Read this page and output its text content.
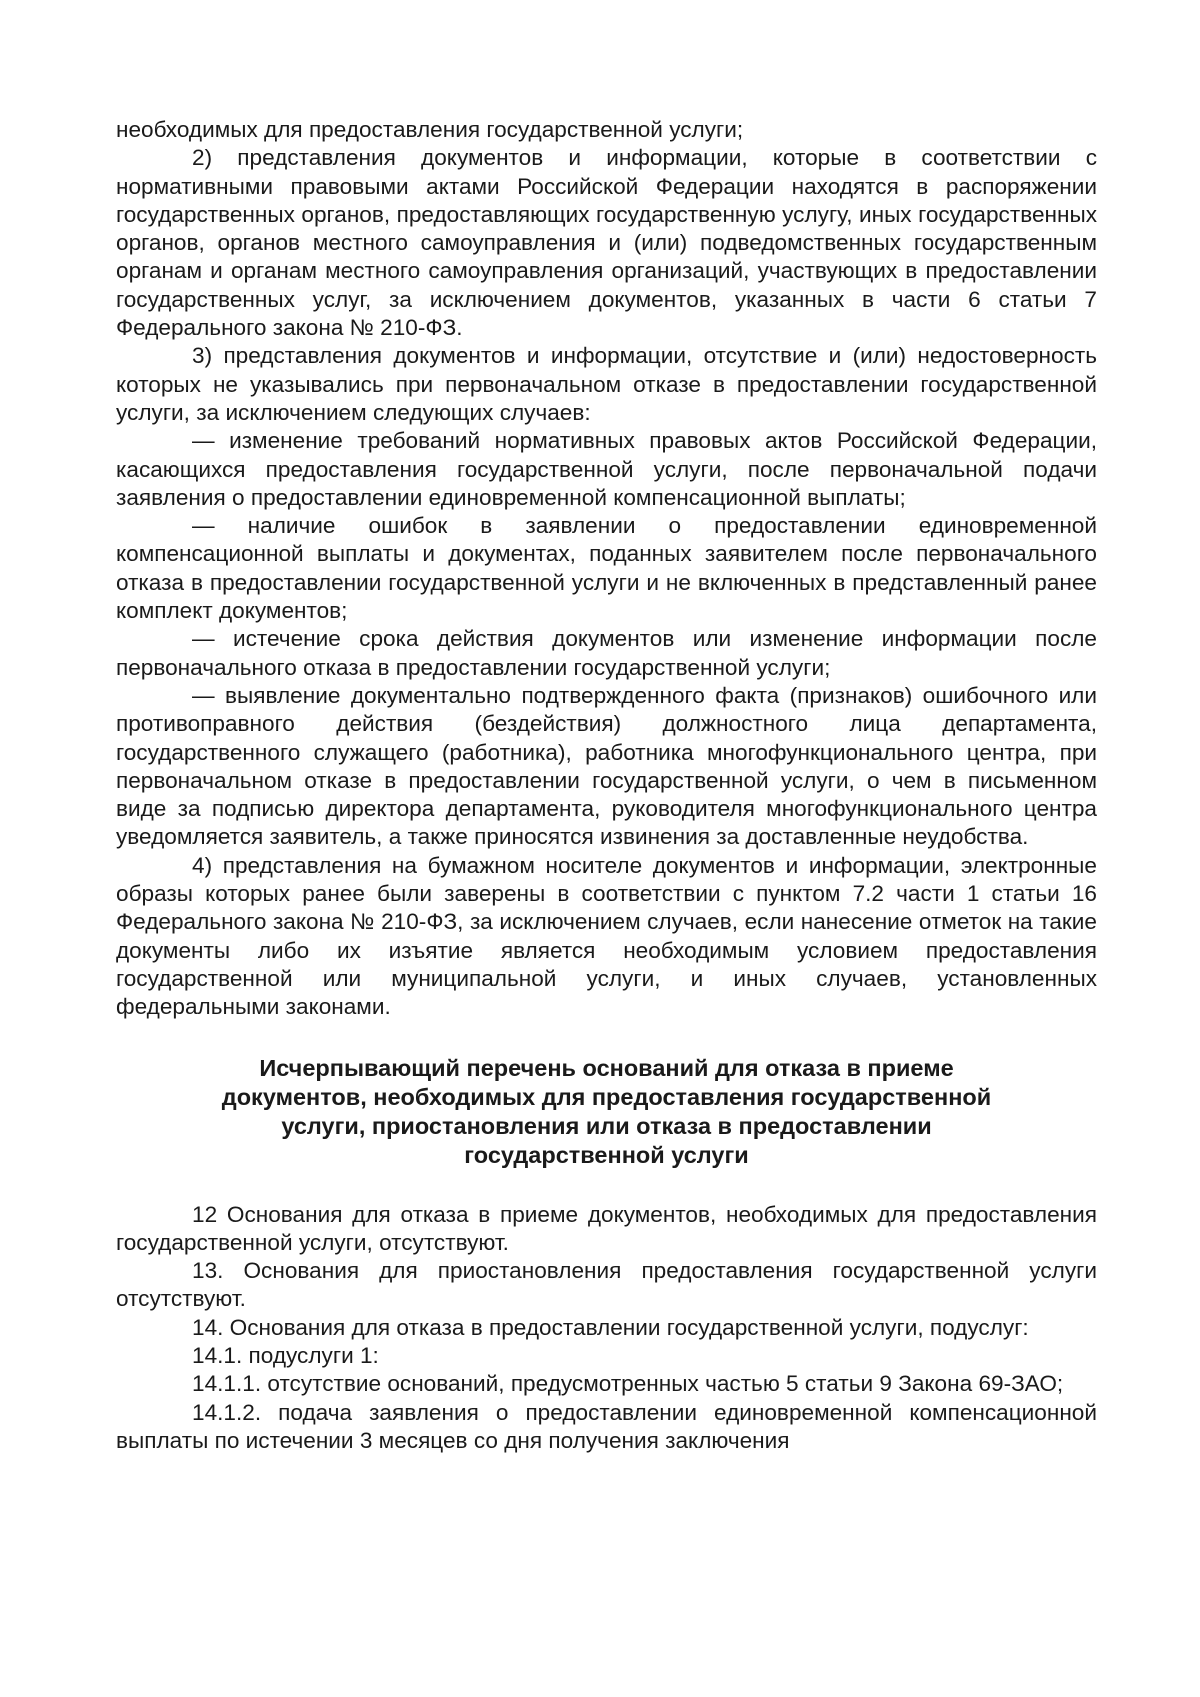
необходимых для предоставления государственной услуги;

2) представления документов и информации, которые в соответствии с нормативными правовыми актами Российской Федерации находятся в распоряжении государственных органов, предоставляющих государственную услугу, иных государственных органов, органов местного самоуправления и (или) подведомственных государственным органам и органам местного самоуправления организаций, участвующих в предоставлении государственных услуг, за исключением документов, указанных в части 6 статьи 7 Федерального закона № 210-ФЗ.

3) представления документов и информации, отсутствие и (или) недостоверность которых не указывались при первоначальном отказе в предоставлении государственной услуги, за исключением следующих случаев:

— изменение требований нормативных правовых актов Российской Федерации, касающихся предоставления государственной услуги, после первоначальной подачи заявления о предоставлении единовременной компенсационной выплаты;

— наличие ошибок в заявлении о предоставлении единовременной компенсационной выплаты и документах, поданных заявителем после первоначального отказа в предоставлении государственной услуги и не включенных в представленный ранее комплект документов;

— истечение срока действия документов или изменение информации после первоначального отказа в предоставлении государственной услуги;

— выявление документально подтвержденного факта (признаков) ошибочного или противоправного действия (бездействия) должностного лица департамента, государственного служащего (работника), работника многофункционального центра, при первоначальном отказе в предоставлении государственной услуги, о чем в письменном виде за подписью директора департамента, руководителя многофункционального центра уведомляется заявитель, а также приносятся извинения за доставленные неудобства.

4) представления на бумажном носителе документов и информации, электронные образы которых ранее были заверены в соответствии с пунктом 7.2 части 1 статьи 16 Федерального закона № 210-ФЗ, за исключением случаев, если нанесение отметок на такие документы либо их изъятие является необходимым условием предоставления государственной или муниципальной услуги, и иных случаев, установленных федеральными законами.

Исчерпывающий перечень оснований для отказа в приеме
документов, необходимых для предоставления государственной
услуги, приостановления или отказа в предоставлении
государственной услуги

12 Основания для отказа в приеме документов, необходимых для предоставления государственной услуги, отсутствуют.

13. Основания для приостановления предоставления государственной услуги отсутствуют.

14. Основания для отказа в предоставлении государственной услуги, подуслуг:

14.1. подуслуги 1:

14.1.1. отсутствие оснований, предусмотренных частью 5 статьи 9 Закона 69-ЗАО;

14.1.2. подача заявления о предоставлении единовременной компенсационной выплаты по истечении 3 месяцев со дня получения заключения
